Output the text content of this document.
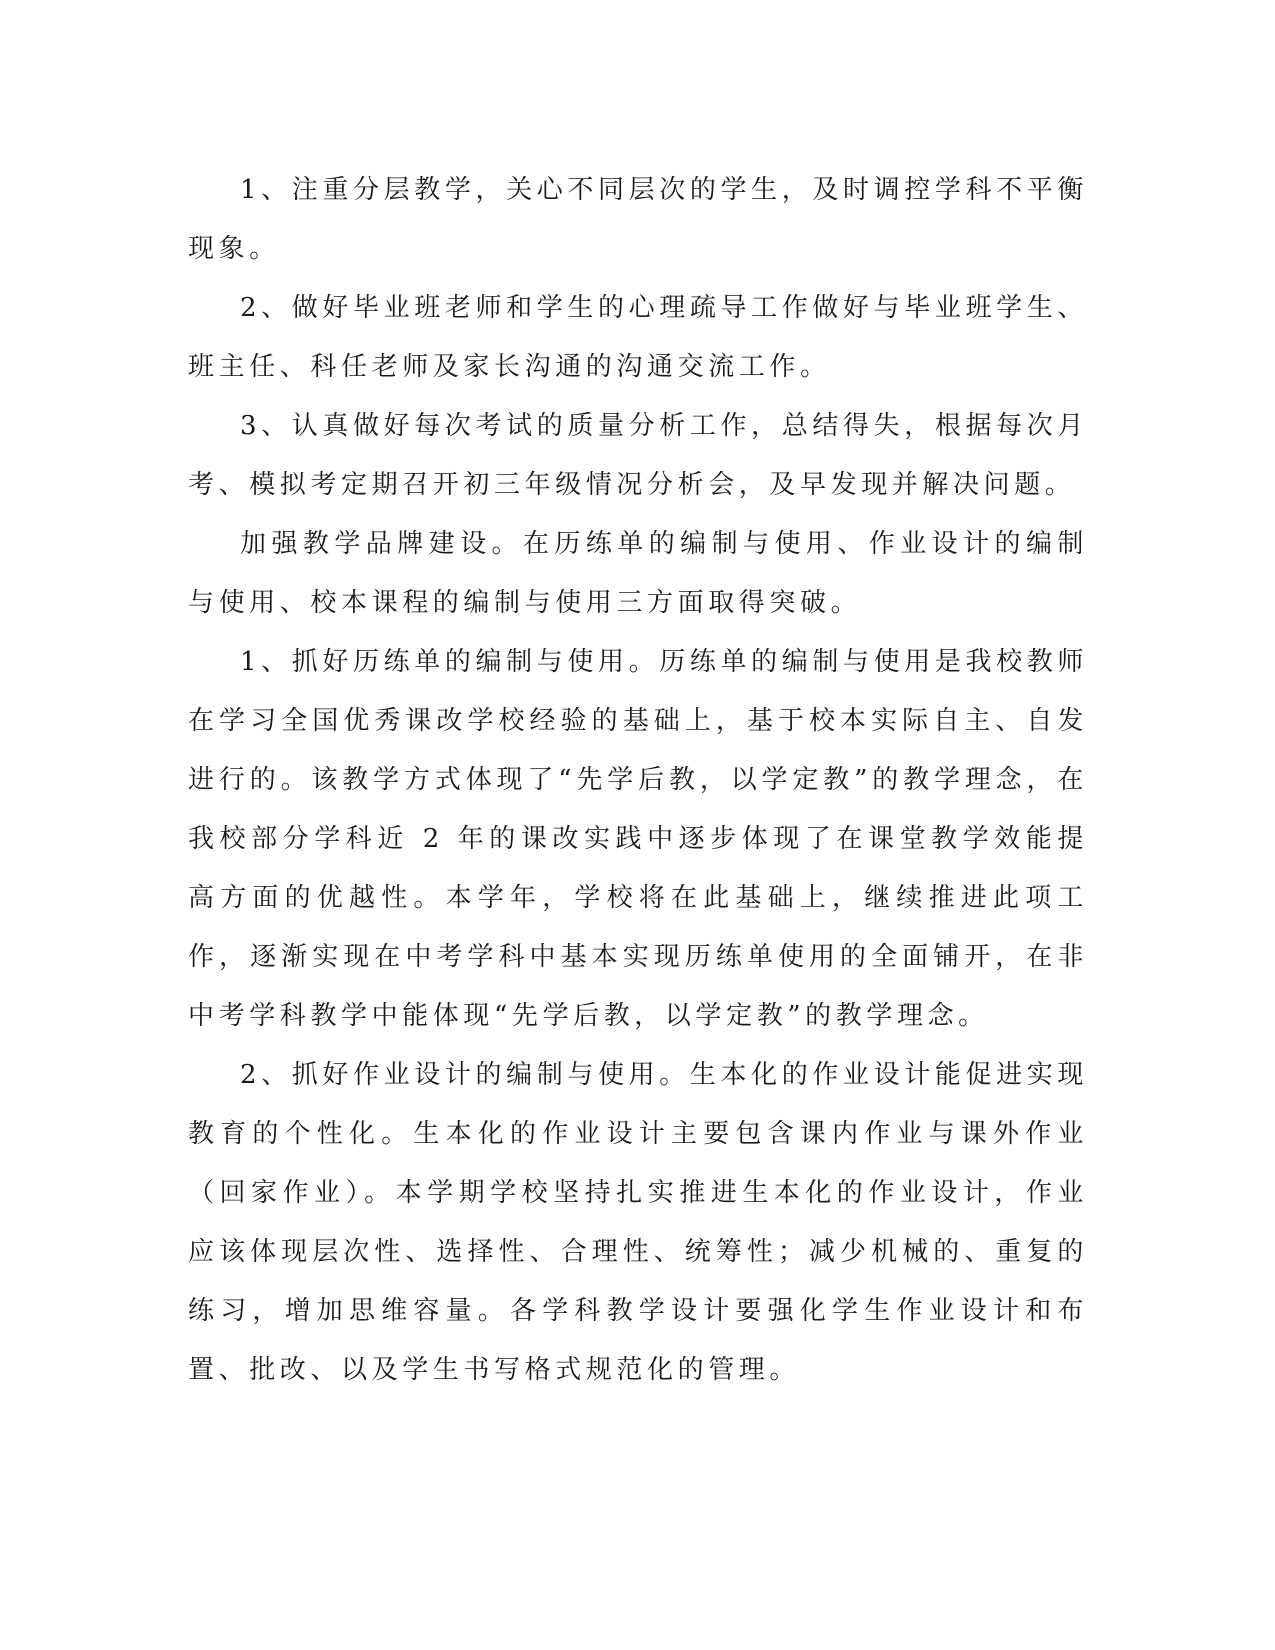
1、注重分层教学，关心不同层次的学生，及时调控学科不平衡现象。

2、做好毕业班老师和学生的心理疏导工作做好与毕业班学生、班主任、科任老师及家长沟通的沟通交流工作。

3、认真做好每次考试的质量分析工作，总结得失，根据每次月考、模拟考定期召开初三年级情况分析会，及早发现并解决问题。

加强教学品牌建设。在历练单的编制与使用、作业设计的编制与使用、校本课程的编制与使用三方面取得突破。

1、抓好历练单的编制与使用。历练单的编制与使用是我校教师在学习全国优秀课改学校经验的基础上，基于校本实际自主、自发进行的。该教学方式体现了“先学后教，以学定教”的教学理念，在我校部分学科近 2 年的课改实践中逐步体现了在课堂教学效能提高方面的优越性。本学年，学校将在此基础上，继续推进此项工作，逐渐实现在中考学科中基本实现历练单使用的全面铺开，在非中考学科教学中能体现“先学后教，以学定教”的教学理念。

2、抓好作业设计的编制与使用。生本化的作业设计能促进实现教育的个性化。生本化的作业设计主要包含课内作业与课外作业（回家作业）。本学期学校坚持扎实推进生本化的作业设计，作业应该体现层次性、选择性、合理性、统筹性；减少机械的、重复的练习，增加思维容量。各学科教学设计要强化学生作业设计和布置、批改、以及学生书写格式规范化的管理。
